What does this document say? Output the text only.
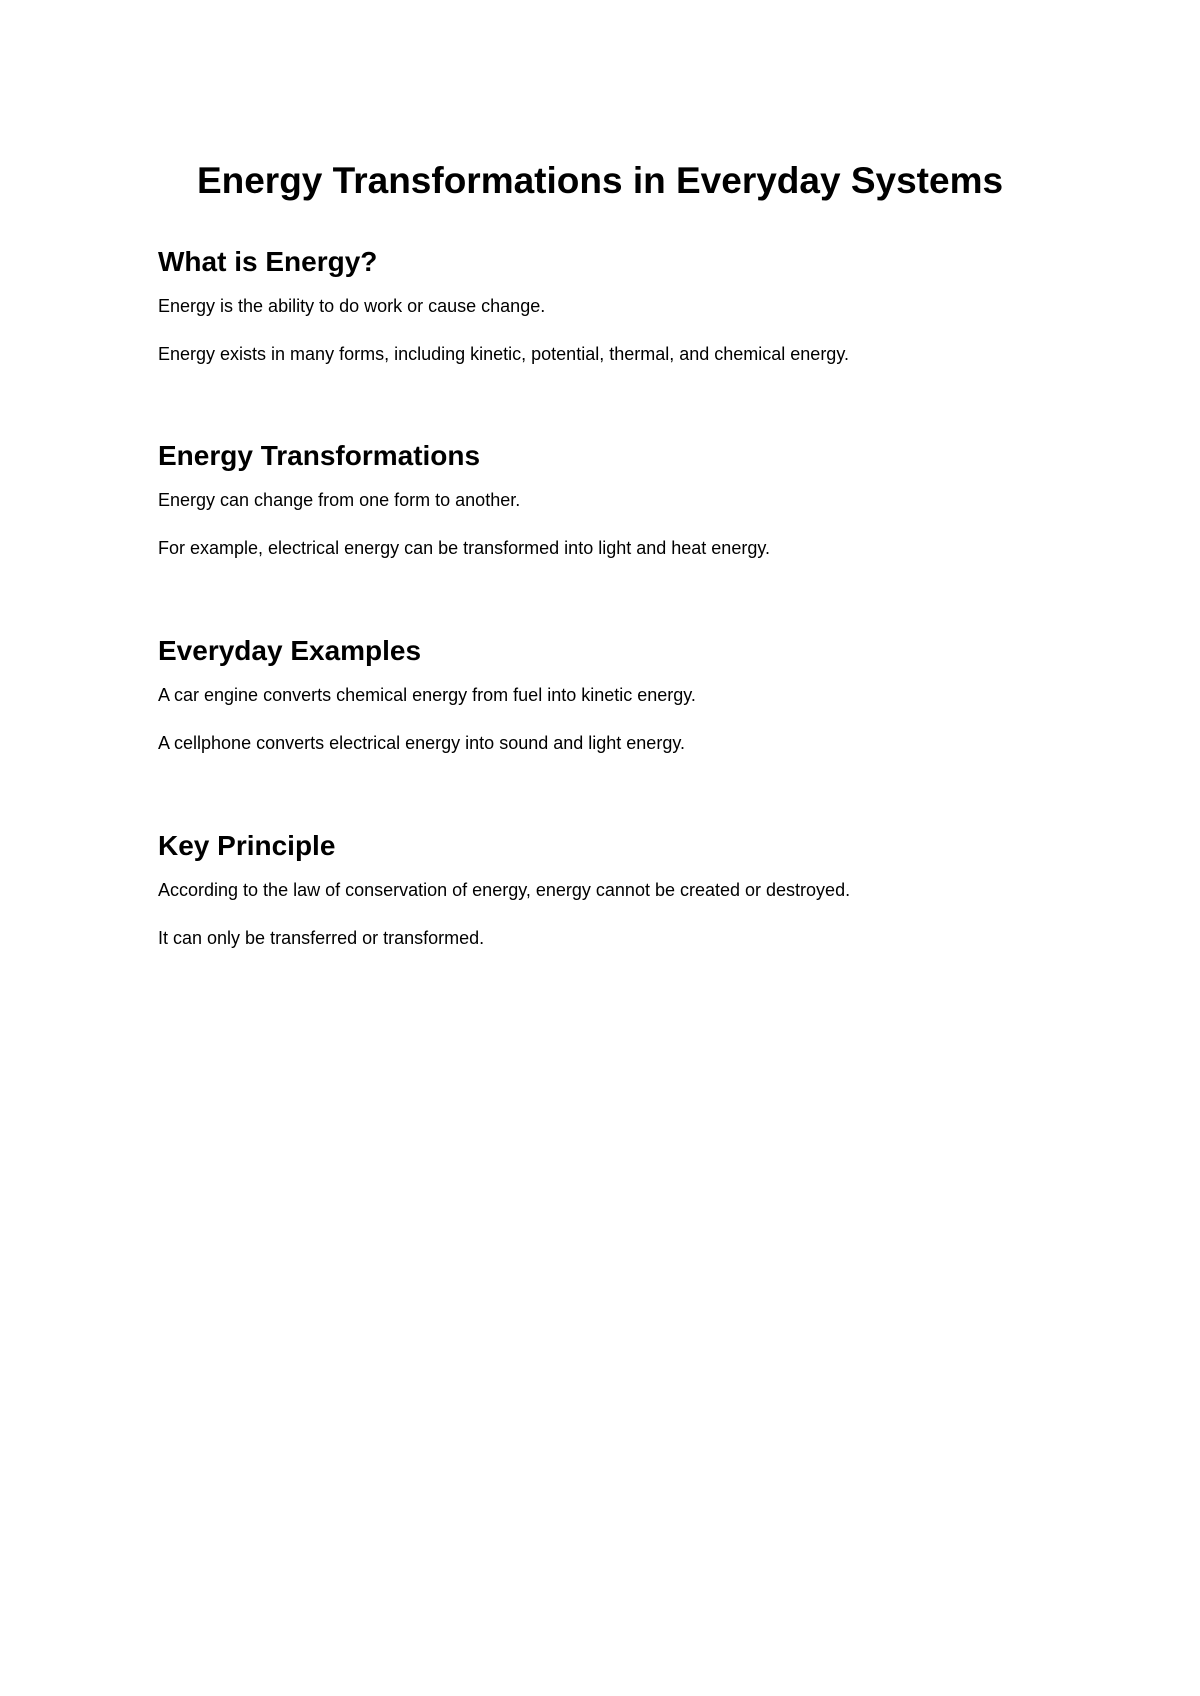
Energy Transformations in Everyday Systems
What is Energy?

Energy is the ability to do work or cause change.

Energy exists in many forms, including kinetic, potential, thermal, and chemical energy.

Energy Transformations

Energy can change from one form to another.

For example, electrical energy can be transformed into light and heat energy.

Everyday Examples

A car engine converts chemical energy from fuel into kinetic energy.

A cellphone converts electrical energy into sound and light energy.

Key Principle

According to the law of conservation of energy, energy cannot be created or destroyed.

It can only be transferred or transformed.
